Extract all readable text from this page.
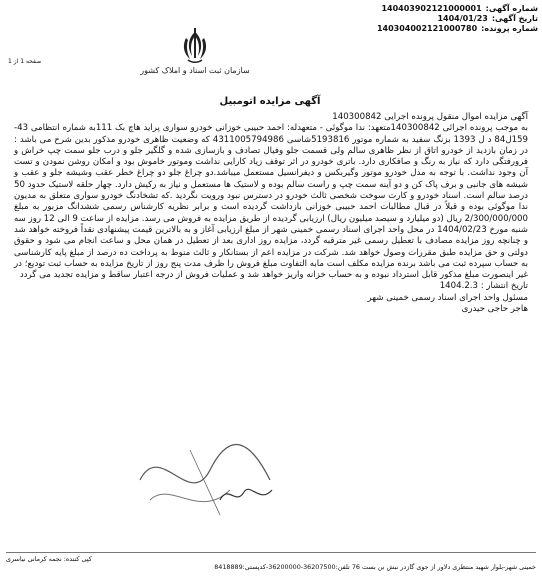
شماره آگهی:
140403902121000001
تاریخ آگهی:
1404/01/23
شماره پرونده:
140304002121000780
سازمان ثبت اسناد و املاک کشور
صفحه 1 از 1
آگهی مزایده اتومبیل

آگهی مزایده اموال منقول پرونده اجرایی 140300842

به موجب پرونده اجرائی 140300842متعهد: ندا موگوئی - متعهدله: احمد حبیبی خوزانی خودرو سواری پراید هاچ بک 111به شماره انتظامی 43-159ل84 د ل 1393 بزنگ سفید به شماره موتور 5193816شاسی 4311005794986 که وضعیت ظاهری خودرو مذکور بدین شرح می باشد : در زمان بازدید از خودرو اتاق از نظر ظاهری سالم ولی قسمت جلو وفیال تصادف و بازسازی شده و گلگیر جلو و درب جلو سمت چپ خراش و فرورفتگی دارد که نیاز به رنگ و صافکاری دارد. باتری خودرو در اثر توقف زیاد کارایی نداشت وموتور خاموش بود و امکان روشن نمودن و تست آن وجود نداشت. با توجه به مدل خودرو موتور وگیربکس و دیفرانسیل مستعمل میباشد.دو چراغ جلو دو چراغ خطر عقب وشیشه جلو و عقب و شیشه های جانبی و برف پاک کن و دو آینه سمت چپ و راست سالم بوده و لاستیک ها مستعمل و نیاز به رکیش دارد. چهار حلقه لاستیک حدود 50 درصد سالم است. اسناد خودرو و کارت سوخت شخصی ثالث خودرو در دسترس نبود ورویت نگردید .که تشخادنگ خودرو سواری متعلق به مدیون ندا موگوئی بوده و قبلاً در قبال مطالبات احمد حبیبی خوزانی بازداشت گردیده است و برابر نظریه کارشناس رسمی ششدانگ مزبور به مبلغ 2/300/000/000 ریال (دو میلیارد و سیصد میلیون ریال) ارزیابی گردیده از طریق مزایده به فروش می رسد. مزایده از ساعت 9 الی 12 روز سه شنبه مورخ 1404/02/23 در محل واحد اجرای اسناد رسمی خمینی شهر از مبلغ ارزیابی آغاز و به بالاترین قیمت پیشنهادی نقداً فروخته خواهد شد و چنانچه روز مزایده مصادف با تعطیل رسمی غیر مترقبه گردد، مزایده روز اداری بعد از تعطیل در همان محل و ساعت انجام می شود و حقوق دولتی و حق مزایده طبق مقررات وصول خواهد شد. شرکت در مزایده اعم از بستانکار و ثالث منوط به پرداخت ده درصد از مبلغ پایه کارشناسی به حساب سپرده ثبت می باشد برنده مزایده مکلف است مابه التفاوت مبلغ فروش را ظرف مدت پنج روز از تاریخ مزایده به حساب ثبت تودیع؛ در غیر اینصورت مبلغ مذکور قابل استرداد نبوده و به حساب خزانه واریز خواهد شد و عملیات فروش از درجه اعتبار ساقط و مزایده تجدید می گردد

تاریخ انتشار : 1404.2.3

مسئول واحد اجرای اسناد رسمی خمینی شهر

هاجر حاجی حیدری

کپی کننده: نجمه کرمانی نیاسری
خمینی شهر-بلوار شهید منتظری دلاور از جوی گازدر نبش بن بست 76 تلفن:36207500-36200000-كدپستی:8418889
